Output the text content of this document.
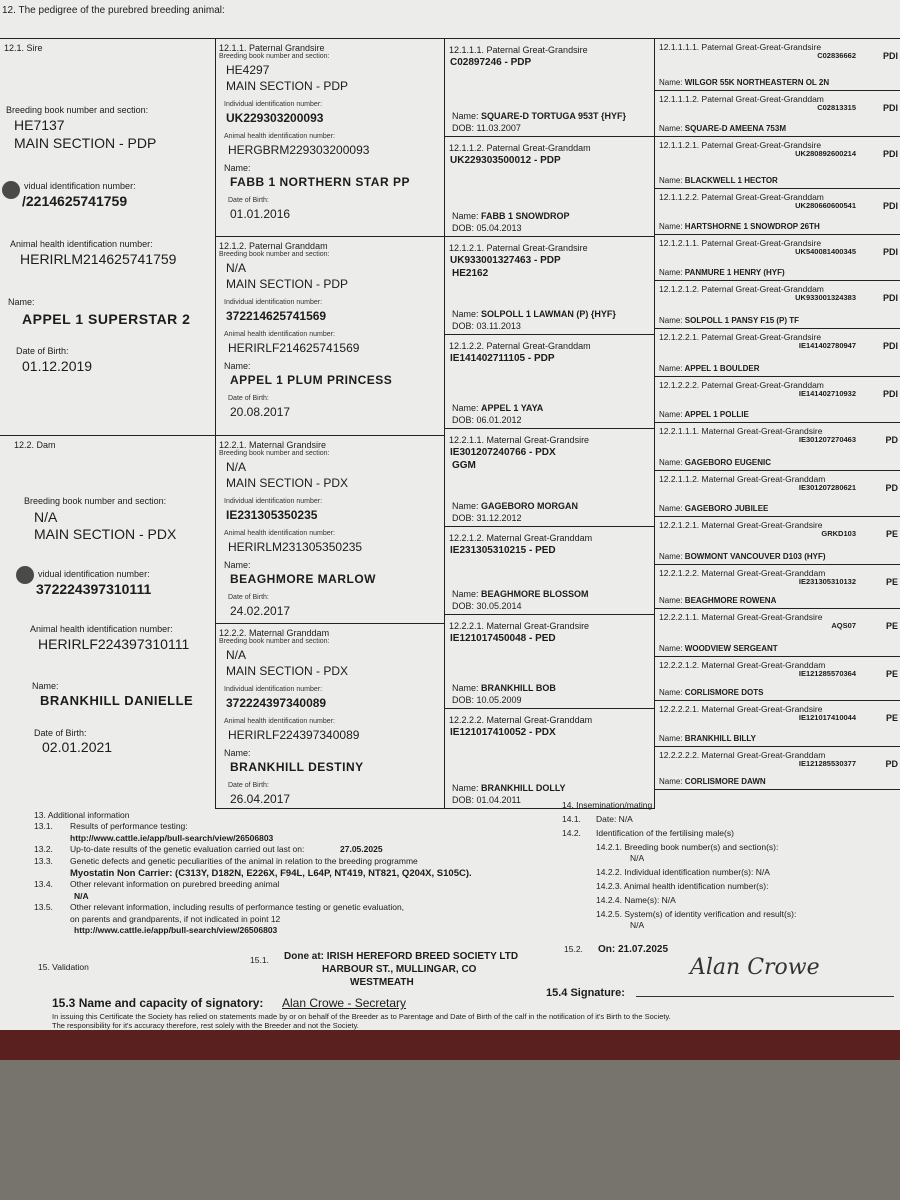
12. The pedigree of the purebred breeding animal:
12.1. Sire
Breeding book number and section:
HE7137
MAIN SECTION - PDP
vidual identification number:
/2214625741759
Animal health identification number:
HERIRLM214625741759
Name:
APPEL 1 SUPERSTAR 2
Date of Birth:
01.12.2019
12.2. Dam
Breeding book number and section:
N/A
MAIN SECTION - PDX
vidual identification number:
372224397310111
Animal health identification number:
HERIRLF224397310111
Name:
BRANKHILL DANIELLE
Date of Birth:
02.01.2021
12.1.1. Paternal Grandsire
Breeding book number and section:
HE4297
MAIN SECTION - PDP
Individual identification number:
UK229303200093
Animal health identification number:
HERGBRM229303200093
Name:
FABB 1 NORTHERN STAR PP
Date of Birth:
01.01.2016
12.1.2. Paternal Granddam
Breeding book number and section:
N/A
MAIN SECTION - PDP
Individual identification number:
372214625741569
Animal health identification number:
HERIRLF214625741569
Name:
APPEL 1 PLUM PRINCESS
Date of Birth:
20.08.2017
12.2.1. Maternal Grandsire
Breeding book number and section:
N/A
MAIN SECTION - PDX
Individual identification number:
IE231305350235
Animal health identification number:
HERIRLM231305350235
Name:
BEAGHMORE MARLOW
Date of Birth:
24.02.2017
12.2.2. Maternal Granddam
Breeding book number and section:
N/A
MAIN SECTION - PDX
Individual identification number:
372224397340089
Animal health identification number:
HERIRLF224397340089
Name:
BRANKHILL DESTINY
Date of Birth:
26.04.2017
12.1.1.1. Paternal Great-Grandsire
C02897246 - PDP
Name: SQUARE-D TORTUGA 953T {HYF}
DOB: 11.03.2007
12.1.1.2. Paternal Great-Granddam
UK229303500012 - PDP
Name: FABB 1 SNOWDROP
DOB: 05.04.2013
12.1.2.1. Paternal Great-Grandsire
UK933001327463 - PDP
HE2162
Name: SOLPOLL 1 LAWMAN (P) {HYF}
DOB: 03.11.2013
12.1.2.2. Paternal Great-Granddam
IE141402711105 - PDP
Name: APPEL 1 YAYA
DOB: 06.01.2012
12.2.1.1. Maternal Great-Grandsire
IE301207240766 - PDX
GGM
Name: GAGEBORO MORGAN
DOB: 31.12.2012
12.2.1.2. Maternal Great-Granddam
IE231305310215 - PED
Name: BEAGHMORE BLOSSOM
DOB: 30.05.2014
12.2.2.1. Maternal Great-Grandsire
IE121017450048 - PED
Name: BRANKHILL BOB
DOB: 10.05.2009
12.2.2.2. Maternal Great-Granddam
IE121017410052 - PDX
Name: BRANKHILL DOLLY
DOB: 01.04.2011
12.1.1.1.1. Paternal Great-Great-Grandsire
C02836662	PDI
Name: WILGOR 55K NORTHEASTERN OL 2N
12.1.1.1.2. Paternal Great-Great-Granddam
C02813315	PDI
Name: SQUARE-D AMEENA 753M
12.1.1.2.1. Paternal Great-Great-Grandsire
UK280892600214	PDI
Name: BLACKWELL 1 HECTOR
12.1.1.2.2. Paternal Great-Great-Granddam
UK280660600541	PDI
Name: HARTSHORNE 1 SNOWDROP 26TH
12.1.2.1.1. Paternal Great-Great-Grandsire
UK540081400345	PDI
Name: PANMURE 1 HENRY (HYF)
12.1.2.1.2. Paternal Great-Great-Granddam
UK933001324383	PDI
Name: SOLPOLL 1 PANSY F15 (P) TF
12.1.2.2.1. Paternal Great-Great-Grandsire
IE141402780947	PDI
Name: APPEL 1 BOULDER
12.1.2.2.2. Paternal Great-Great-Granddam
IE141402710932	PDI
Name: APPEL 1 POLLIE
12.2.1.1.1. Maternal Great-Great-Grandsire
IE301207270463	PD
Name: GAGEBORO EUGENIC
12.2.1.1.2. Maternal Great-Great-Granddam
IE301207280621	PD
Name: GAGEBORO JUBILEE
12.2.1.2.1. Maternal Great-Great-Grandsire
GRKD103	PE
Name: BOWMONT VANCOUVER D103 (HYF)
12.2.1.2.2. Maternal Great-Great-Granddam
IE231305310132	PE
Name: BEAGHMORE ROWENA
12.2.2.1.1. Maternal Great-Great-Grandsire
AQS07	PE
Name: WOODVIEW SERGEANT
12.2.2.1.2. Maternal Great-Great-Granddam
IE121285570364	PE
Name: CORLISMORE DOTS
12.2.2.2.1. Maternal Great-Great-Grandsire
IE121017410044	PE
Name: BRANKHILL BILLY
12.2.2.2.2. Maternal Great-Great-Granddam
IE121285530377	PD
Name: CORLISMORE DAWN
13. Additional information
13.1. Results of performance testing:
http://www.cattle.ie/app/bull-search/view/26506803
13.2. Up-to-date results of the genetic evaluation carried out last on:	27.05.2025
13.3. Genetic defects and genetic peculiarities of the animal in relation to the breeding programme
Myostatin Non Carrier: (C313Y, D182N, E226X, F94L, L64P, NT419, NT821, Q204X, S105C).
13.4. Other relevant information on purebred breeding animal
N/A
13.5. Other relevant information, including results of performance testing or genetic evaluation,
on parents and grandparents, if not indicated in point 12
http://www.cattle.ie/app/bull-search/view/26506803
14. Insemination/mating
14.1. Date: N/A
14.2. Identification of the fertilising male(s)
14.2.1. Breeding book number(s) and section(s):
N/A
14.2.2. Individual identification number(s): N/A
14.2.3. Animal health identification number(s):
14.2.4. Name(s): N/A
14.2.5. System(s) of identity verification and result(s):
N/A
15. Validation
15.1. Done at: IRISH HEREFORD BREED SOCIETY LTD
HARBOUR ST., MULLINGAR, CO
WESTMEATH
15.2. On: 21.07.2025
15.3 Name and capacity of signatory: Alan Crowe - Secretary
15.4 Signature:
Alan Crowe
In issuing this Certificate the Society has relied on statements made by or on behalf of the Breeder as to Parentage and Date of Birth of the calf in the notification of it's Birth to the Society.
The responsibility for it's accuracy therefore, rest solely with the Breeder and not the Society.
